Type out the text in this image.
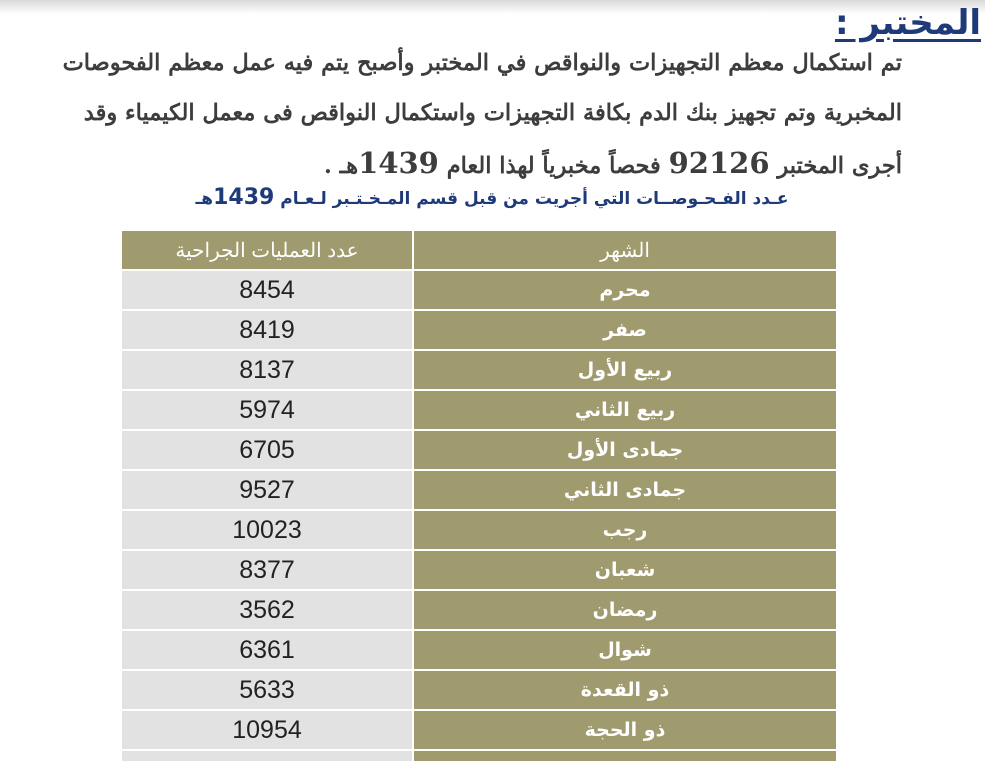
المختبر :

تم استكمال معظم التجهيزات والنواقص في المختبر وأصبح يتم فيه عمل معظم الفحوصات المخبرية وتم تجهيز بنك الدم بكافة التجهيزات واستكمال النواقص فى معمل الكيمياء وقد أجرى المختبر 92126 فحصاً مخبرياً لهذا العام 1439هـ .

عـدد الفـحـوصــات التي أجريت من قبل قسم المـخـتـبر لـعـام 1439هـ

عدد العمليات الجراحية	الشهر
8454	محرم
8419	صفر
8137	ربيع الأول
5974	ربيع الثاني
6705	جمادى الأول
9527	جمادى الثاني
10023	رجب
8377	شعبان
3562	رمضان
6361	شوال
5633	ذو القعدة
10954	ذو الحجة
